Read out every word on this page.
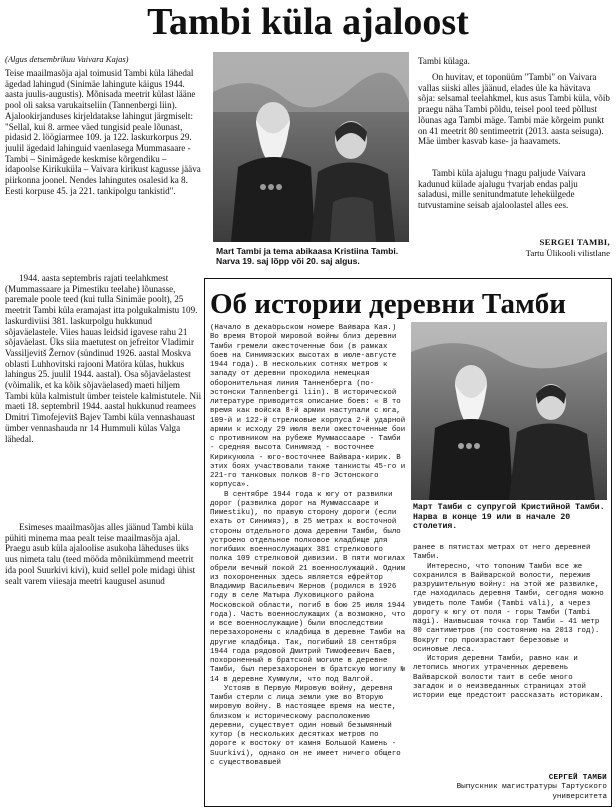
Tambi küla ajaloost
(Algus detsembrikuu Vaivara Kajas)

Teise maailmasõja ajal toimusid Tambi küla lähedal ägedad lahingud (Sinimäe lahingute käigus 1944. aasta juulis-augustis). Mõnisada meetrit külast lääne pool oli saksa varukaitseliin (Tannenbergi liin). Ajalookirjanduses kirjeldatakse lahingut järgmiselt: "Sellal, kui 8. armee väed tungisid peale lõunast, pidasid 2. löögiarmee 109. ja 122. laskurkorpus 29. juulil ägedaid lahinguid vaenlasega Mummasaare - Tambi – Sinimägede keskmise kõrgendiku – idapoolse Kirikuküla – Vaivara kirikust kagusse jääva piirkonna joonel. Nendes lahingutes osalesid ka 8. Eesti korpuse 45. ja 221. tankipolgu tankistid".

1944. aasta septembris rajati teelahkmest (Mummassaare ja Pimestiku teelahe) lõunasse, paremale poole teed (kui tulla Sinimäe poolt), 25 meetrit Tambi küla eramajast itta polgukalmistu 109. laskurdiviisi 381. laskurpolgu hukkunud sõjaväelastele. Viies hauas leidsid igavese rahu 21 sõjaväelast. Üks siia maetutest on jefreitor Vladimir Vassiljevitš Žernov (sündinud 1926. aastal Moskva oblasti Luhhovitski rajooni Matöra külas, hukkus lahingus 25. juulil 1944. aastal). Osa sõjaväelastest (võimalik, et ka kõik sõjaväelased) maeti hiljem Tambi küla kalmistult ümber teistele kalmistutele. Nii maeti 18. septembril 1944. aastal hukkunud reamees Dmitri Timofejevitš Bajev Tambi küla vennashauast ümber vennashauda nr 14 Hummuli külas Valga lähedal.

Esimeses maailmasõjas alles jäänud Tambi küla pühiti minema maa pealt teise maailmasõja ajal. Praegu asub küla ajaloolise asukoha läheduses üks uus nimeta talu (teed mööda mõnikümmend meetrit ida pool Suurkivi kivi), kuid sellel pole midagi ühist sealt varem viiesaja meetri kaugusel asunud

Mart Tambi ja tema abikaasa Kristiina Tambi. Narva 19. saj lõpp või 20. saj algus.

Tambi külaga.

On huvitav, et toponüüm "Tambi" on Vaivara vallas siiski alles jäänud, elades üle ka hävitava sõja: selsamal teelahkmel, kus asus Tambi küla, võib praegu näha Tambi põldu, teisel pool teed põllust lõunas aga Tambi mäge. Tambi mäe kõrgeim punkt on 41 meetrit 80 sentimeetrit (2013. aasta seisuga). Mäe ümber kasvab kase- ja haavamets.

Tambi küla ajalugu †nagu paljude Vaivara kadunud külade ajalugu †varjab endas palju saladusi, mille senitundmatute lehekülgede tutvustamine seisab ajaloolastel alles ees.

SERGEI TAMBI,
Tartu Ülikooli vilistlane
Об истории деревни Тамби

(Начало в декабрьском номере Вайвара Кая.)

Во время Второй мировой войны близ деревни Тамби гремели ожесточенные бои (в рамках боев на Синимяэских высотах в июле-августе 1944 года). В нескольких сотнях метров к западу от деревни проходила немецкая оборонительная линия Танненберга (по-эстонски Tannenbergi liin). В исторической литературе приводится описание боев: « В то время как войска 8-й армии наступали с юга, 109-й и 122-й стрелковые корпуса 2-й ударной армии к исходу 29 июля вели ожесточенные бои с противником на рубеже Муммассааре - Тамби - средняя высота Синимяэд - восточнее Кирикукюла - юго-восточнее Вайвара-кирик. В этих боях участвовали также танкисты 45-го и 221-го танковых полков 8-го Эстонского корпуса».

В сентябре 1944 года к югу от развилки дорог (развилка дорог на Муммассааре и Пимestiku), по правую сторону дороги (если ехать от Синимяэ), в 25 метрах к восточной стороны отдельного дома деревни Тамби, было устроено отдельное полковое кладбище для погибших военнослужащих 381 стрелкового полка 109 стрелковой дивизии. В пяти могилах обрели вечный покой 21 военнослужащий. Одним из похороненных здесь является ефрейтор Владимир Васильевич Жернов (родился в 1926 году в селе Матыра Луховицкого района Московской области, погиб в бою 25 июля 1944 года). Часть военнослужащих (а возможно, что и все военнослужащие) были впоследствии перезахоронены с кладбища в деревне Тамби на другие кладбища. Так, погибший 18 сентября 1944 года рядовой Дмитрий Тимофеевич Баев, похороненный в братской могиле в деревне Тамби, был перезахоронен в братскую могилу № 14 в деревне Хуммули, что под Валгой.

Устояв в Первую Мировую войну, деревня Тамби стерли с лица земли уже во Вторую мировую войну. В настоящее время на месте, близком к историческому расположению деревни, существует один новый безымянный хутор (в нескольких десятках метров по дороге к востоку от камня Большой Камень - Suurkivi), однако он не имеет ничего общего с существовавшей

Март Тамби с супругой Кристийной Тамби. Нарва в конце 19 или в начале 20 столетия.

ранее в пятистах метрах от него деревней Тамби.

Интересно, что топоним Тамби все же сохранился в Вайварской волости, пережив разрушительную войну: на этой же развилке, где находилась деревня Тамби, сегодня можно увидеть поле Тамби (Tambi välі), а через дорогу к югу от поля - горы Тамби (Tambi mägi). Наивысшая точка гор Тамби – 41 метр 80 сантиметров (по состоянию на 2013 год). Вокруг гор произрастают березовые и осиновые леса.

История деревни Тамби, равно как и летопись многих утраченных деревень Вайварской волости таит в себе много загадок и о неизведанных страницах этой истории еще предстоит рассказать историкам.

СЕРГЕЙ ТАМБИ
Выпускник магистратуры Тартуского университета
